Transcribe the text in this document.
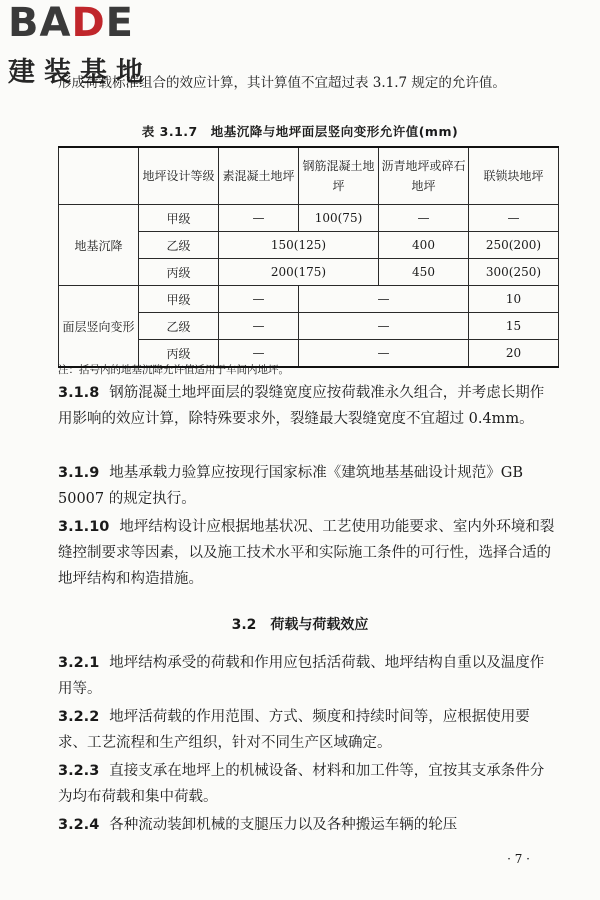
BADE
建装基地
形成荷载标准组合的效应计算，其计算值不宜超过表 3.1.7 规定的允许值。
表 3.1.7　地基沉降与地坪面层竖向变形允许值(mm)
	地坪设计等级	素混凝土地坪	钢筋混凝土地坪	沥青地坪或碎石地坪	联锁块地坪
地基沉降	甲级	—	100(75)	—	—
	乙级	150(125)		400	250(200)
	丙级	200(175)		450	300(250)
面层竖向变形	甲级	—	—		10
	乙级	—	—		15
	丙级	—	—		20
注：括号内的地基沉降允许值适用于车间内地坪。
3.1.8 钢筋混凝土地坪面层的裂缝宽度应按荷载准永久组合，并考虑长期作用影响的效应计算，除特殊要求外，裂缝最大裂缝宽度不宜超过 0.4mm。
3.1.9 地基承载力验算应按现行国家标准《建筑地基基础设计规范》GB 50007 的规定执行。
3.1.10 地坪结构设计应根据地基状况、工艺使用功能要求、室内外环境和裂缝控制要求等因素，以及施工技术水平和实际施工条件的可行性，选择合适的地坪结构和构造措施。
3.2　荷载与荷载效应
3.2.1 地坪结构承受的荷载和作用应包括活荷载、地坪结构自重以及温度作用等。
3.2.2 地坪活荷载的作用范围、方式、频度和持续时间等，应根据使用要求、工艺流程和生产组织，针对不同生产区域确定。
3.2.3 直接支承在地坪上的机械设备、材料和加工件等，宜按其支承条件分为均布荷载和集中荷载。
3.2.4 各种流动装卸机械的支腿压力以及各种搬运车辆的轮压
· 7 ·
